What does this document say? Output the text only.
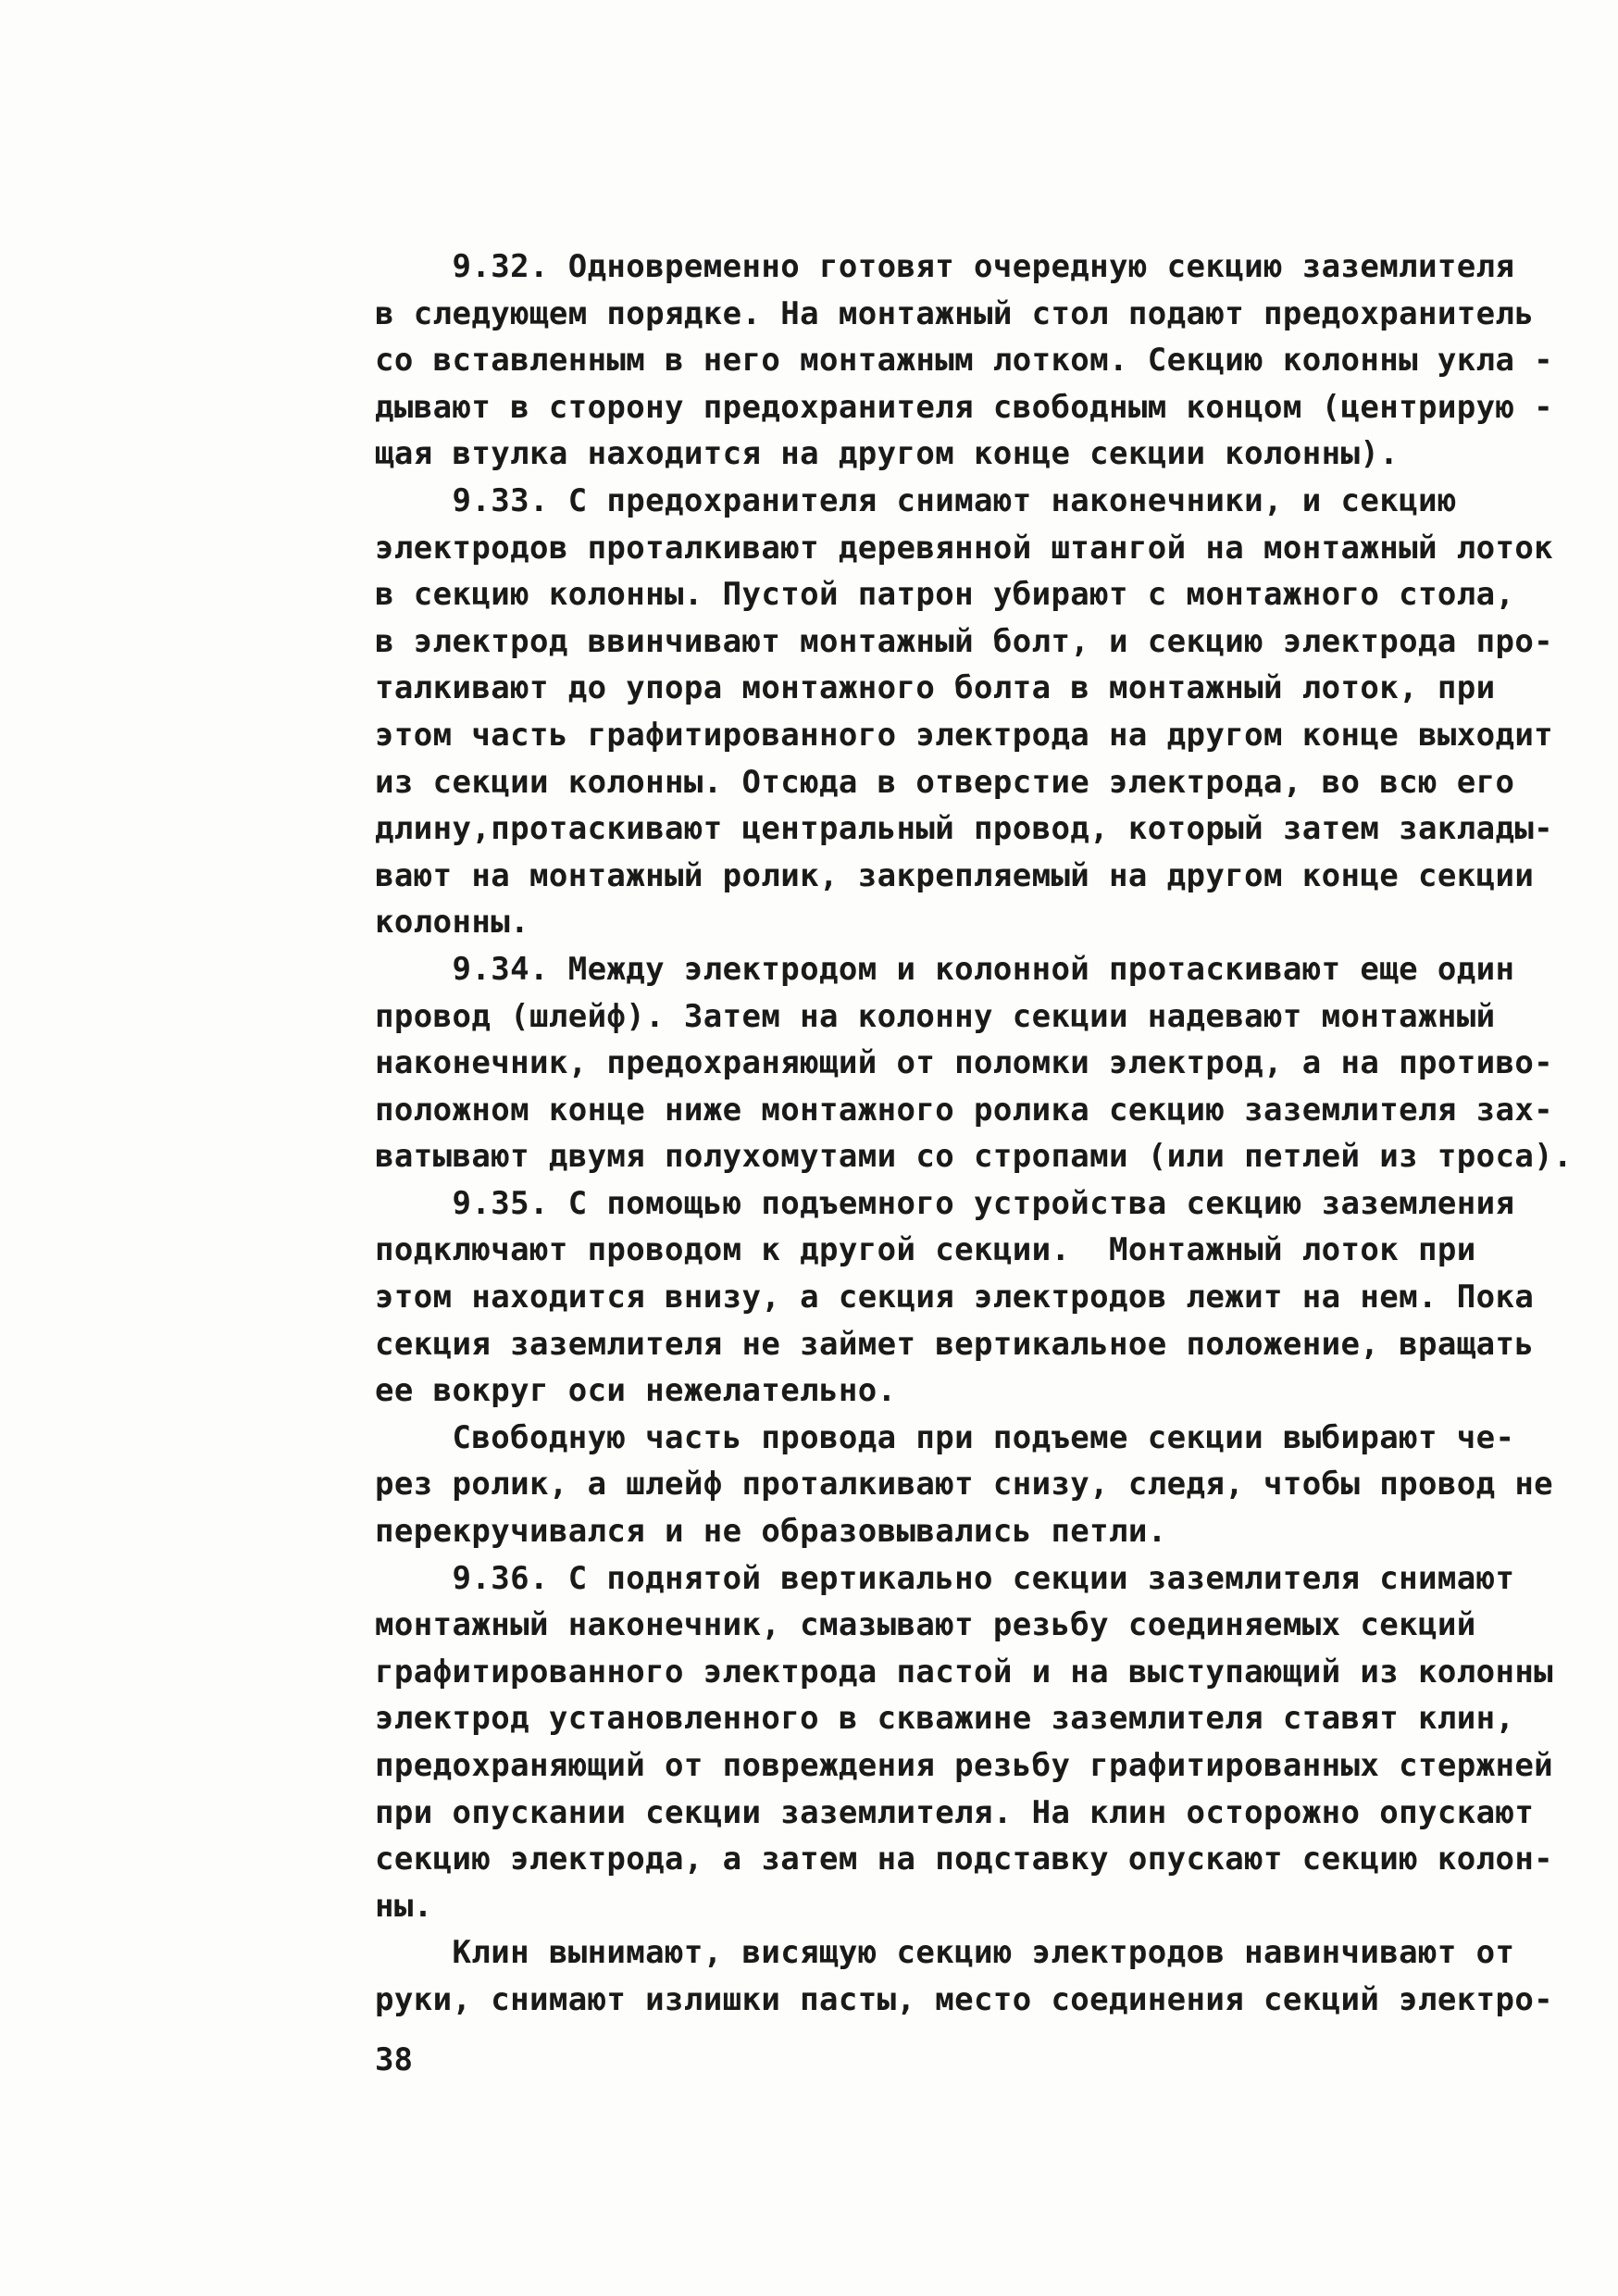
9.32. Одновременно готовят очередную секцию заземлителя
в следующем порядке. На монтажный стол подают предохранитель
со вставленным в него монтажным лотком. Секцию колонны укла -
дывают в сторону предохранителя свободным концом (центрирую -
щая втулка находится на другом конце секции колонны).
9.33. С предохранителя снимают наконечники, и секцию
электродов проталкивают деревянной штангой на монтажный лоток
в секцию колонны. Пустой патрон убирают с монтажного стола,
в электрод ввинчивают монтажный болт, и секцию электрода про-
талкивают до упора монтажного болта в монтажный лоток, при
этом часть графитированного электрода на другом конце выходит
из секции колонны. Отсюда в отверстие электрода, во всю его
длину,протаскивают центральный провод, который затем заклады-
вают на монтажный ролик, закрепляемый на другом конце секции
колонны.
9.34. Между электродом и колонной протаскивают еще один
провод (шлейф). Затем на колонну секции надевают монтажный
наконечник, предохраняющий от поломки электрод, а на противо-
положном конце ниже монтажного ролика секцию заземлителя зах-
ватывают двумя полухомутами со стропами (или петлей из троса).
9.35. С помощью подъемного устройства секцию заземления
подключают проводом к другой секции.  Монтажный лоток при
этом находится внизу, а секция электродов лежит на нем. Пока
секция заземлителя не займет вертикальное положение, вращать
ее вокруг оси нежелательно.
Свободную часть провода при подъеме секции выбирают че-
рез ролик, а шлейф проталкивают снизу, следя, чтобы провод не
перекручивался и не образовывались петли.
9.36. С поднятой вертикально секции заземлителя снимают
монтажный наконечник, смазывают резьбу соединяемых секций
графитированного электрода пастой и на выступающий из колонны
электрод установленного в скважине заземлителя ставят клин,
предохраняющий от повреждения резьбу графитированных стержней
при опускании секции заземлителя. На клин осторожно опускают
секцию электрода, а затем на подставку опускают секцию колон-
ны.
Клин вынимают, висящую секцию электродов навинчивают от
руки, снимают излишки пасты, место соединения секций электро-
38
